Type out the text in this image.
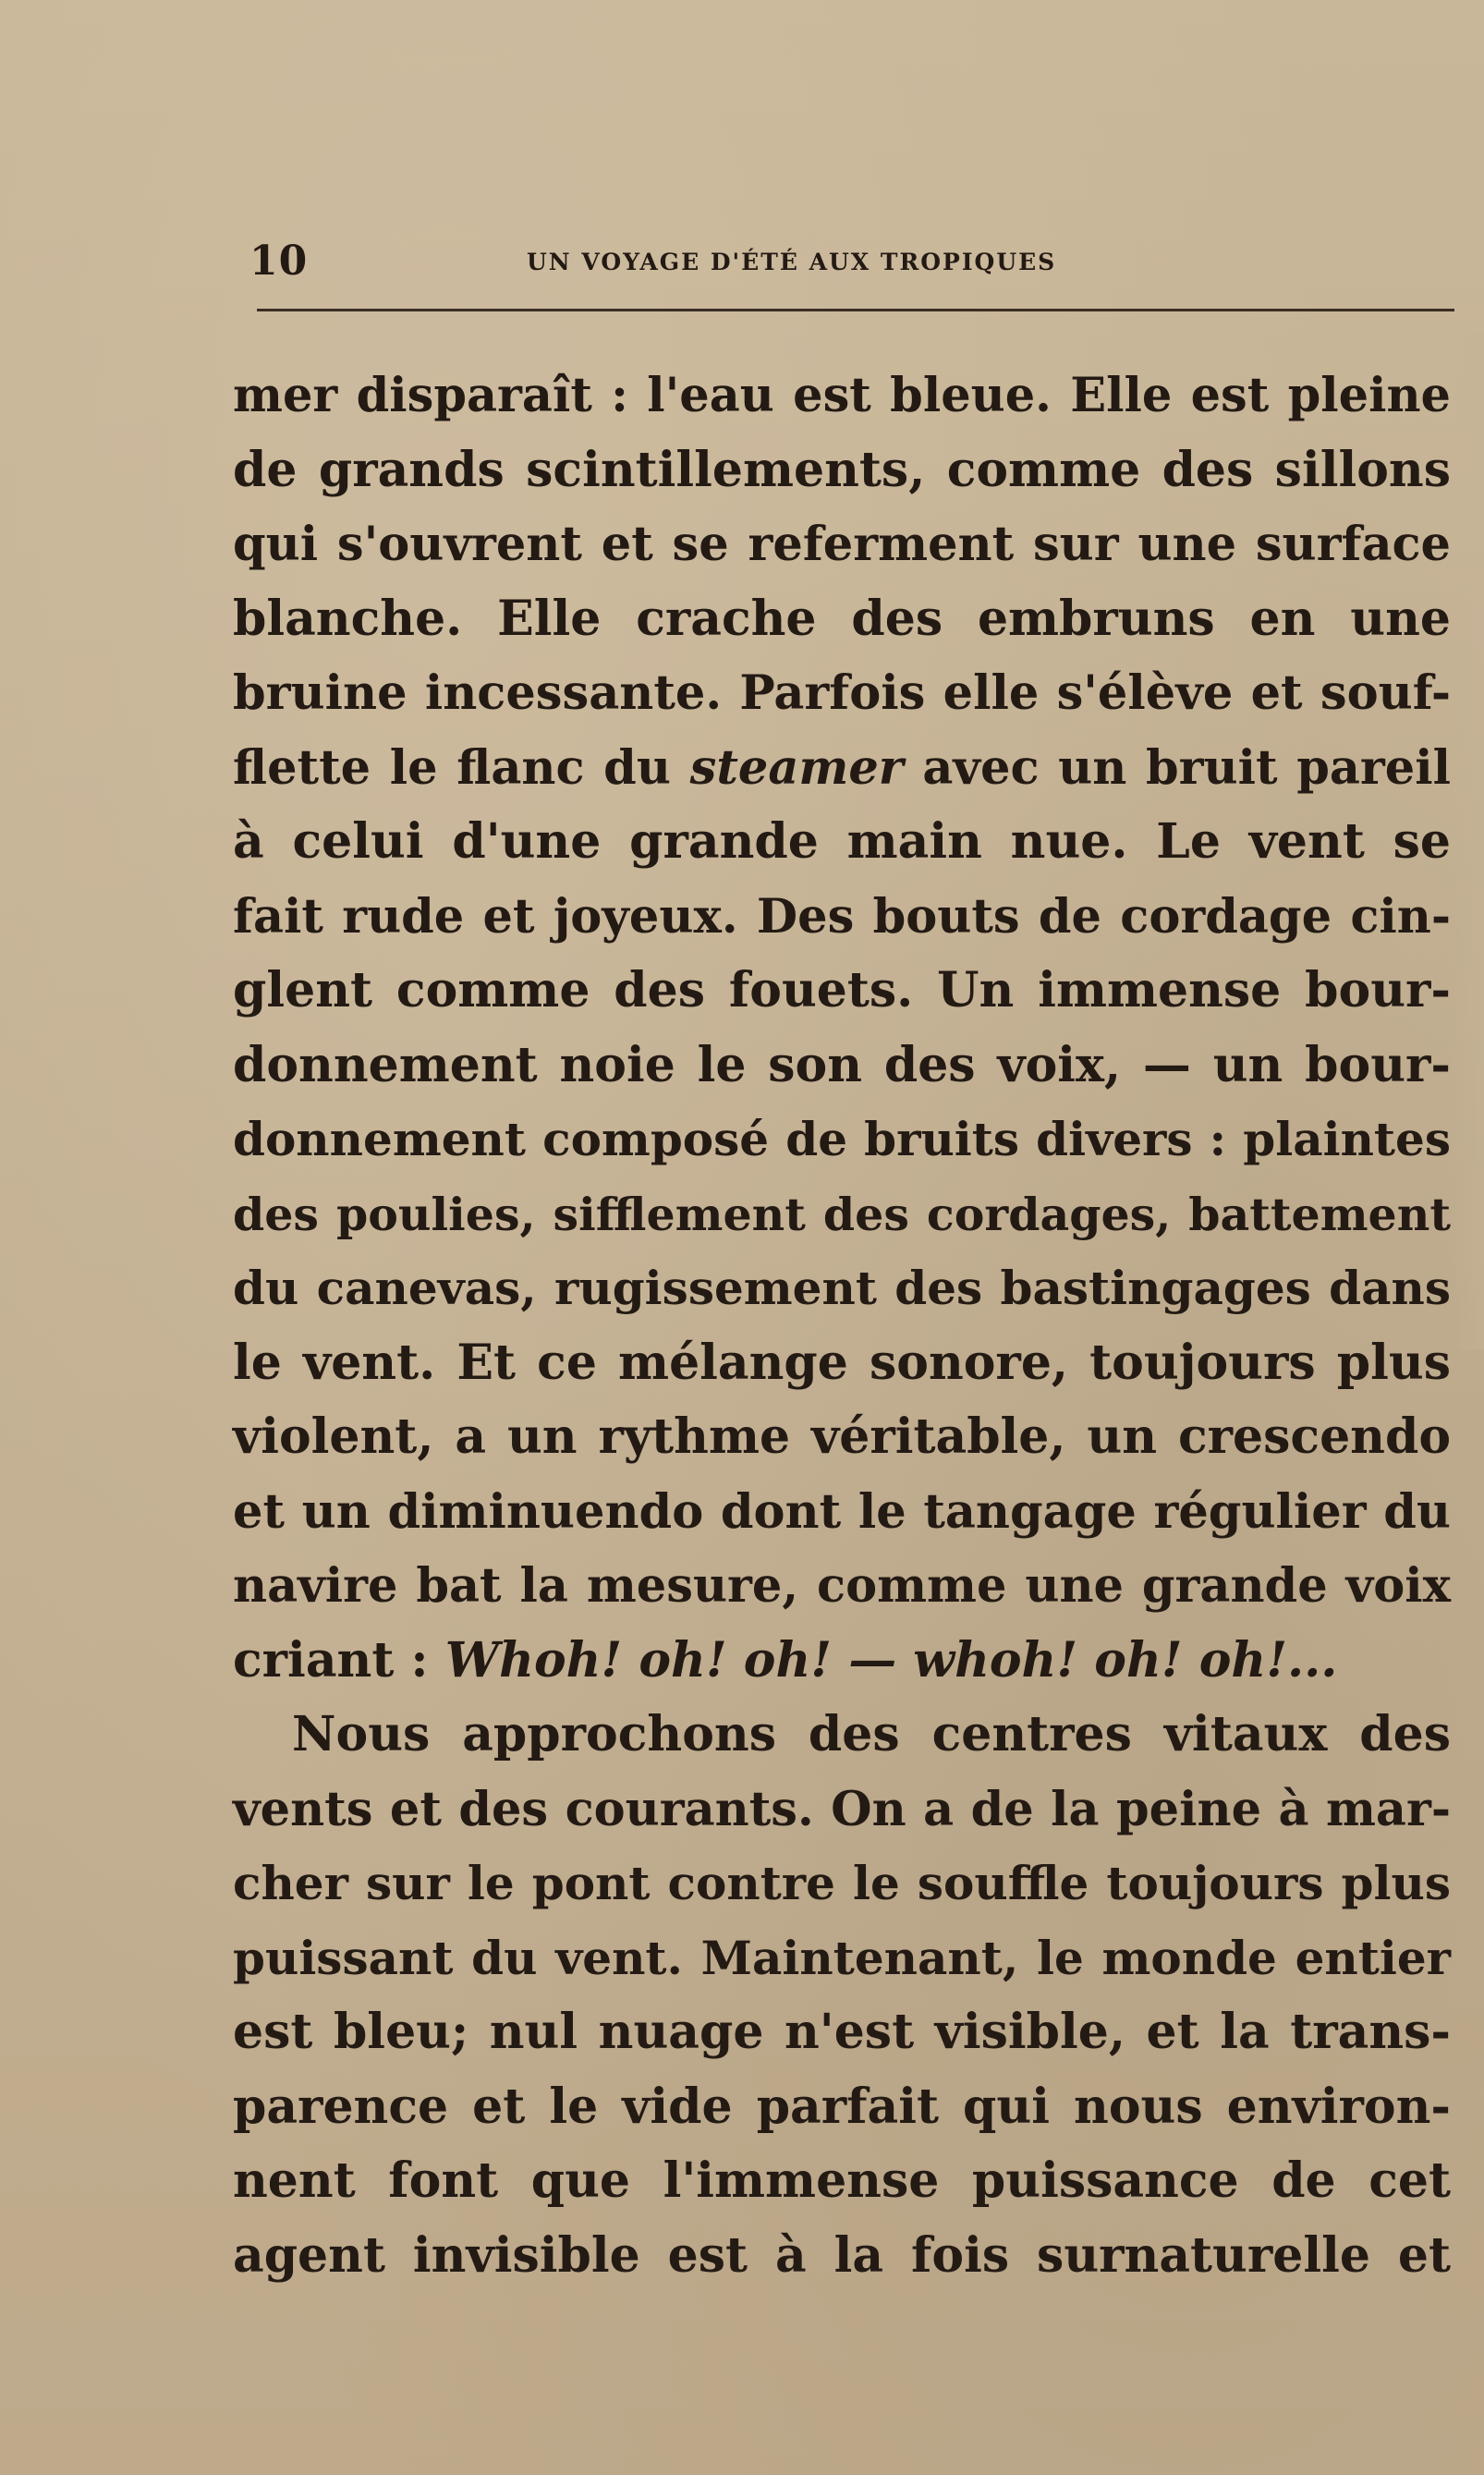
10	UN VOYAGE D'ÉTÉ AUX TROPIQUES
mer disparaît : l'eau est bleue. Elle est pleine
de grands scintillements, comme des sillons
qui s'ouvrent et se referment sur une surface
blanche. Elle crache des embruns en une
bruine incessante. Parfois elle s'élève et souf-
flette le flanc du steamer avec un bruit pareil
à celui d'une grande main nue. Le vent se
fait rude et joyeux. Des bouts de cordage cin-
glent comme des fouets. Un immense bour-
donnement noie le son des voix, — un bour-
donnement composé de bruits divers : plaintes
des poulies, sifflement des cordages, battement
du canevas, rugissement des bastingages dans
le vent. Et ce mélange sonore, toujours plus
violent, a un rythme véritable, un crescendo
et un diminuendo dont le tangage régulier du
navire bat la mesure, comme une grande voix
criant : Whoh! oh! oh! — whoh! oh! oh!...
Nous approchons des centres vitaux des
vents et des courants. On a de la peine à mar-
cher sur le pont contre le souffle toujours plus
puissant du vent. Maintenant, le monde entier
est bleu; nul nuage n'est visible, et la trans-
parence et le vide parfait qui nous environ-
nent font que l'immense puissance de cet
agent invisible est à la fois surnaturelle et
